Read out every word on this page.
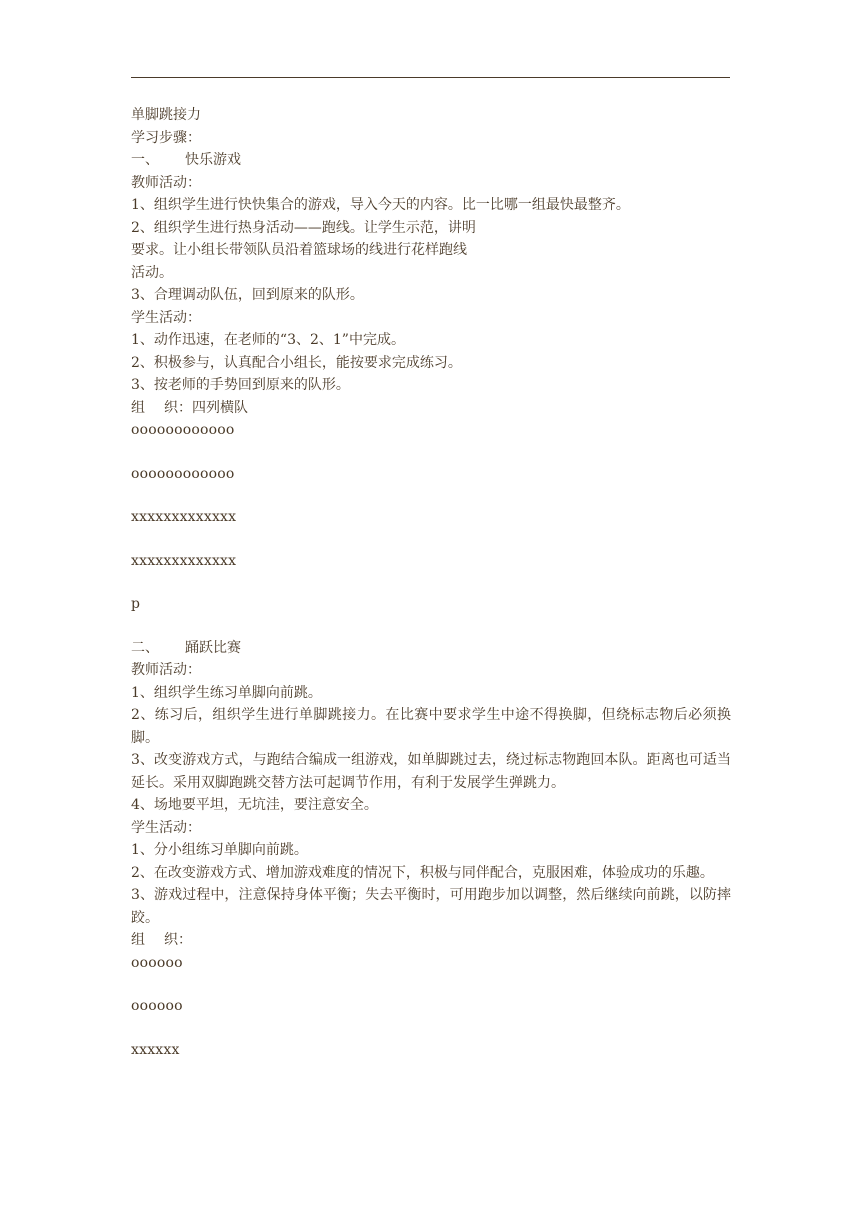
单脚跳接力
学习步骤：
一、 快乐游戏
教师活动：
1、组织学生进行快快集合的游戏，导入今天的内容。比一比哪一组最快最整齐。
2、组织学生进行热身活动——跑线。让学生示范，讲明
要求。让小组长带领队员沿着篮球场的线进行花样跑线
活动。
3、合理调动队伍，回到原来的队形。
学生活动：
1、动作迅速，在老师的“3、2、1”中完成。
2、积极参与，认真配合小组长，能按要求完成练习。
3、按老师的手势回到原来的队形。
组 织：四列横队
oooooooooooo
oooooooooooo
xxxxxxxxxxxxx
xxxxxxxxxxxxx
p
二、 踊跃比赛
教师活动：
1、组织学生练习单脚向前跳。
2、练习后，组织学生进行单脚跳接力。在比赛中要求学生中途不得换脚，但绕标志物后必须换脚。
3、改变游戏方式，与跑结合编成一组游戏，如单脚跳过去，绕过标志物跑回本队。距离也可适当延长。采用双脚跑跳交替方法可起调节作用，有利于发展学生弹跳力。
4、场地要平坦，无坑洼，要注意安全。
学生活动：
1、分小组练习单脚向前跳。
2、在改变游戏方式、增加游戏难度的情况下，积极与同伴配合，克服困难，体验成功的乐趣。
3、游戏过程中，注意保持身体平衡；失去平衡时，可用跑步加以调整，然后继续向前跳，以防摔跤。
组 织：
oooooo
oooooo
xxxxxx
